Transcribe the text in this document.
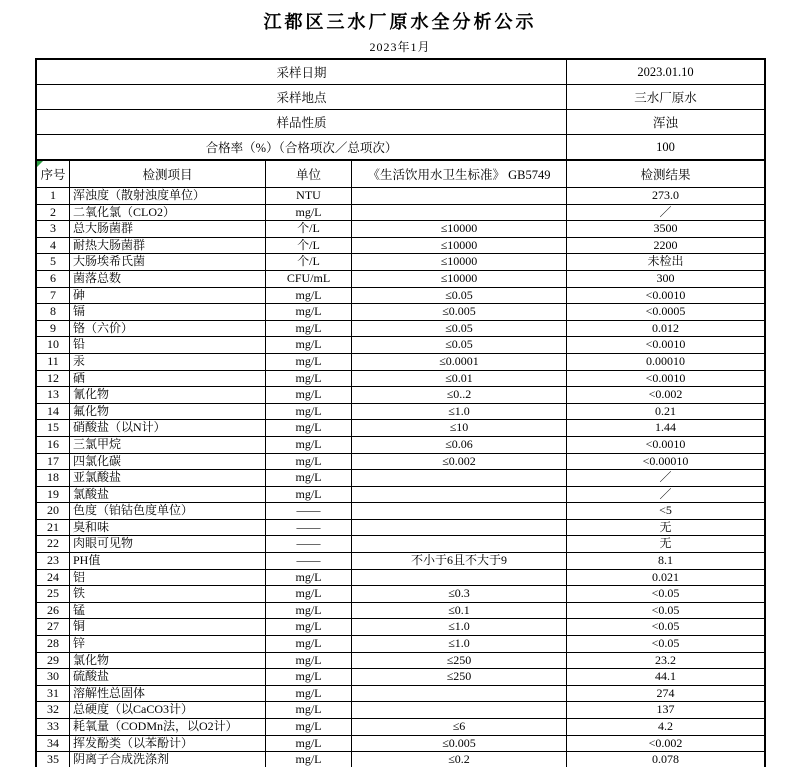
江都区三水厂原水全分析公示
2023年1月
采样日期	2023.01.10
采样地点	三水厂原水
样品性质	浑浊
合格率（%）（合格项次／总项次）	100
序号	检测项目	单位	《生活饮用水卫生标准》 GB5749	检测结果
1	浑浊度（散射浊度单位）	NTU		273.0
2	二氧化氯（CLO2）	mg/L		／
3	总大肠菌群	个/L	≤10000	3500
4	耐热大肠菌群	个/L	≤10000	2200
5	大肠埃希氏菌	个/L	≤10000	未检出
6	菌落总数	CFU/mL	≤10000	300
7	砷	mg/L	≤0.05	<0.0010
8	镉	mg/L	≤0.005	<0.0005
9	铬（六价）	mg/L	≤0.05	0.012
10	铅	mg/L	≤0.05	<0.0010
11	汞	mg/L	≤0.0001	0.00010
12	硒	mg/L	≤0.01	<0.0010
13	氰化物	mg/L	≤0..2	<0.002
14	氟化物	mg/L	≤1.0	0.21
15	硝酸盐（以N计）	mg/L	≤10	1.44
16	三氯甲烷	mg/L	≤0.06	<0.0010
17	四氯化碳	mg/L	≤0.002	<0.00010
18	亚氯酸盐	mg/L		／
19	氯酸盐	mg/L		／
20	色度（铂钴色度单位）	——		<5
21	臭和味	——		无
22	肉眼可见物	——		无
23	PH值	——	不小于6且不大于9	8.1
24	铝	mg/L		0.021
25	铁	mg/L	≤0.3	<0.05
26	锰	mg/L	≤0.1	<0.05
27	铜	mg/L	≤1.0	<0.05
28	锌	mg/L	≤1.0	<0.05
29	氯化物	mg/L	≤250	23.2
30	硫酸盐	mg/L	≤250	44.1
31	溶解性总固体	mg/L		274
32	总硬度（以CaCO3计）	mg/L		137
33	耗氧量（CODMn法，以O2计）	mg/L	≤6	4.2
34	挥发酚类（以苯酚计）	mg/L	≤0.005	<0.002
35	阴离子合成洗涤剂	mg/L	≤0.2	0.078
